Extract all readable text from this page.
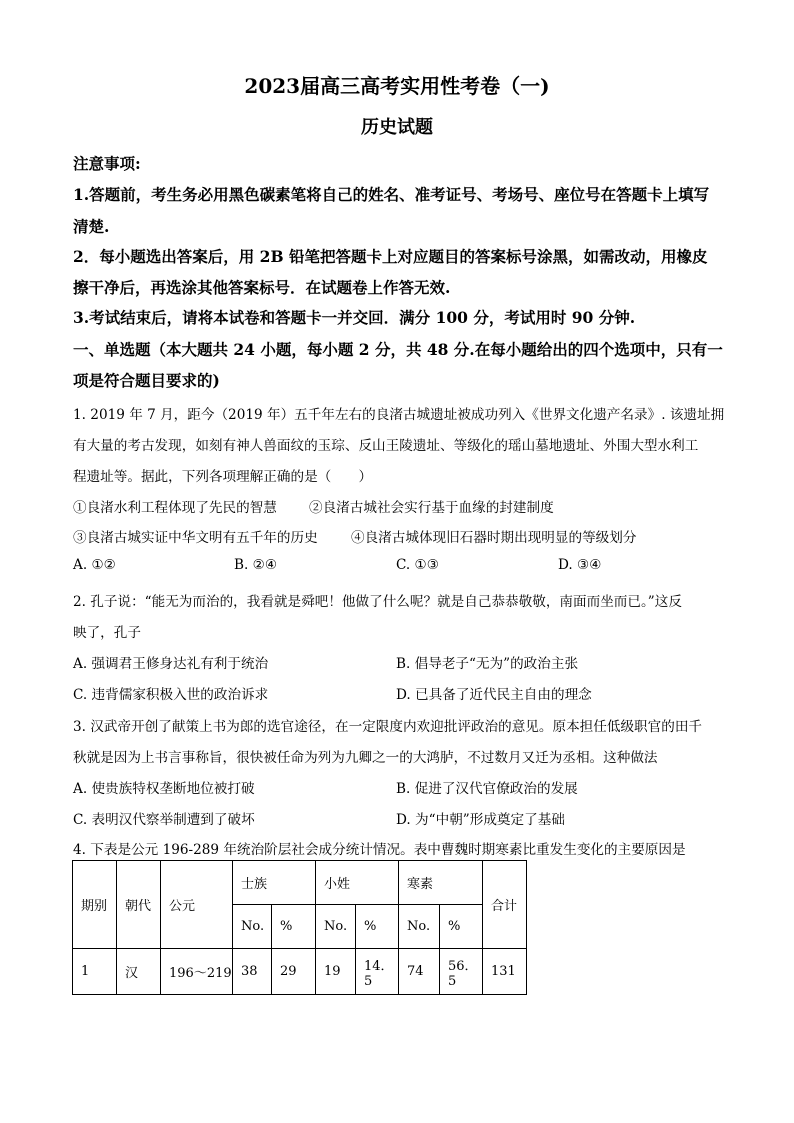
2023届高三高考实用性考卷（一)
历史试题
注意事项:
1.答题前，考生务必用黑色碳素笔将自己的姓名、准考证号、考场号、座位号在答题卡上填写
清楚.
2．每小题选出答案后，用 2B 铅笔把答题卡上对应题目的答案标号涂黑，如需改动，用橡皮
擦干净后，再选涂其他答案标号．在试题卷上作答无效.
3.考试结束后，请将本试卷和答题卡一并交回．满分 100 分，考试用时 90 分钟.
一、单选题（本大题共 24 小题，每小题 2 分，共 48 分.在每小题给出的四个选项中，只有一
项是符合题目要求的)
1. 2019 年 7 月，距今（2019 年）五千年左右的良渚古城遗址被成功列入《世界文化遗产名录》. 该遗址拥
有大量的考古发现，如刻有神人兽面纹的玉琮、反山王陵遗址、等级化的瑶山墓地遗址、外围大型水利工
程遗址等。据此，下列各项理解正确的是（　　）
①良渚水利工程体现了先民的智慧 ②良渚古城社会实行基于血缘的封建制度
③良渚古城实证中华文明有五千年的历史 ④良渚古城体现旧石器时期出现明显的等级划分
A. ①②	B. ②④	C. ①③	D. ③④
2. 孔子说：“能无为而治的，我看就是舜吧！他做了什么呢？就是自己恭恭敬敬，南面而坐而已。”这反
映了，孔子
A. 强调君王修身达礼有利于统治	B. 倡导老子“无为”的政治主张
C. 违背儒家积极入世的政治诉求	D. 已具备了近代民主自由的理念
3. 汉武帝开创了献策上书为郎的选官途径，在一定限度内欢迎批评政治的意见。原本担任低级职官的田千
秋就是因为上书言事称旨，很快被任命为列为九卿之一的大鸿胪，不过数月又迁为丞相。这种做法
A. 使贵族特权垄断地位被打破	B. 促进了汉代官僚政治的发展
C. 表明汉代察举制遭到了破坏	D. 为“中朝”形成奠定了基础
4. 下表是公元 196-289 年统治阶层社会成分统计情况。表中曹魏时期寒素比重发生变化的主要原因是
期别	朝代	公元	士族		小姓		寒素		合计
			No.	%	No.	%	No.	%	
1	汉	196～219	38	29	19	14．5	74	56．5	131
